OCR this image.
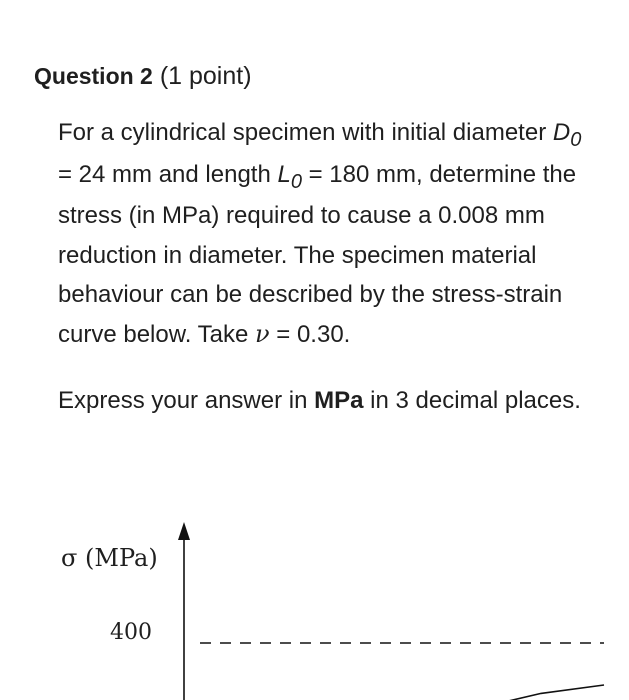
Question 2 (1 point)

For a cylindrical specimen with initial diameter $D_0 = 24$ mm and length $L_0 = 180$ mm, determine the stress (in MPa) required to cause a 0.008 mm reduction in diameter. The specimen material behaviour can be described by the stress-strain curve below. Take ν = 0.30.

Express your answer in MPa in 3 decimal places.

σ (MPa)
400
